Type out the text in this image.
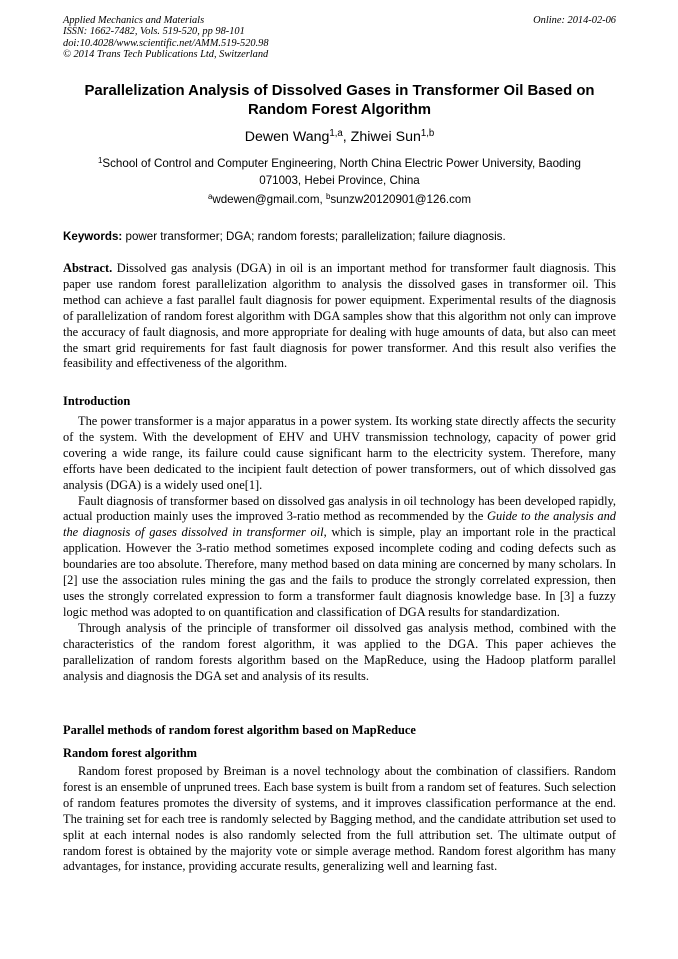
Applied Mechanics and Materials
ISSN: 1662-7482, Vols. 519-520, pp 98-101
doi:10.4028/www.scientific.net/AMM.519-520.98
© 2014 Trans Tech Publications Ltd, Switzerland
Online: 2014-02-06
Parallelization Analysis of Dissolved Gases in Transformer Oil Based on
Random Forest Algorithm
Dewen Wang$^{1,a}$, Zhiwei Sun$^{1,b}$
$^1$School of Control and Computer Engineering, North China Electric Power University, Baoding
071003, Hebei Province, China
$^a$wdewen@gmail.com, $^b$sunzw20120901@126.com
Keywords: power transformer; DGA; random forests; parallelization; failure diagnosis.
Abstract. Dissolved gas analysis (DGA) in oil is an important method for transformer fault diagnosis. This paper use random forest parallelization algorithm to analysis the dissolved gases in transformer oil. This method can achieve a fast parallel fault diagnosis for power equipment. Experimental results of the diagnosis of parallelization of random forest algorithm with DGA samples show that this algorithm not only can improve the accuracy of fault diagnosis, and more appropriate for dealing with huge amounts of data, but also can meet the smart grid requirements for fast fault diagnosis for power transformer. And this result also verifies the feasibility and effectiveness of the algorithm.
Introduction

The power transformer is a major apparatus in a power system. Its working state directly affects the security of the system. With the development of EHV and UHV transmission technology, capacity of power grid covering a wide range, its failure could cause significant harm to the electricity system. Therefore, many efforts have been dedicated to the incipient fault detection of power transformers, out of which dissolved gas analysis (DGA) is a widely used one[1].

Fault diagnosis of transformer based on dissolved gas analysis in oil technology has been developed rapidly, actual production mainly uses the improved 3-ratio method as recommended by the Guide to the analysis and the diagnosis of gases dissolved in transformer oil, which is simple, play an important role in the practical application. However the 3-ratio method sometimes exposed incomplete coding and coding defects such as boundaries are too absolute. Therefore, many method based on data mining are concerned by many scholars. In [2] use the association rules mining the gas and the fails to produce the strongly correlated expression, then uses the strongly correlated expression to form a transformer fault diagnosis knowledge base. In [3] a fuzzy logic method was adopted to on quantification and classification of DGA results for standardization.

Through analysis of the principle of transformer oil dissolved gas analysis method, combined with the characteristics of the random forest algorithm, it was applied to the DGA. This paper achieves the parallelization of random forests algorithm based on the MapReduce, using the Hadoop platform parallel analysis and diagnosis the DGA set and analysis of its results.

Parallel methods of random forest algorithm based on MapReduce
Random forest algorithm

Random forest proposed by Breiman is a novel technology about the combination of classifiers. Random forest is an ensemble of unpruned trees. Each base system is built from a random set of features. Such selection of random features promotes the diversity of systems, and it improves classification performance at the end. The training set for each tree is randomly selected by Bagging method, and the candidate attribution set used to split at each internal nodes is also randomly selected from the full attribution set. The ultimate output of random forest is obtained by the majority vote or simple average method. Random forest algorithm has many advantages, for instance, providing accurate results, generalizing well and learning fast.
